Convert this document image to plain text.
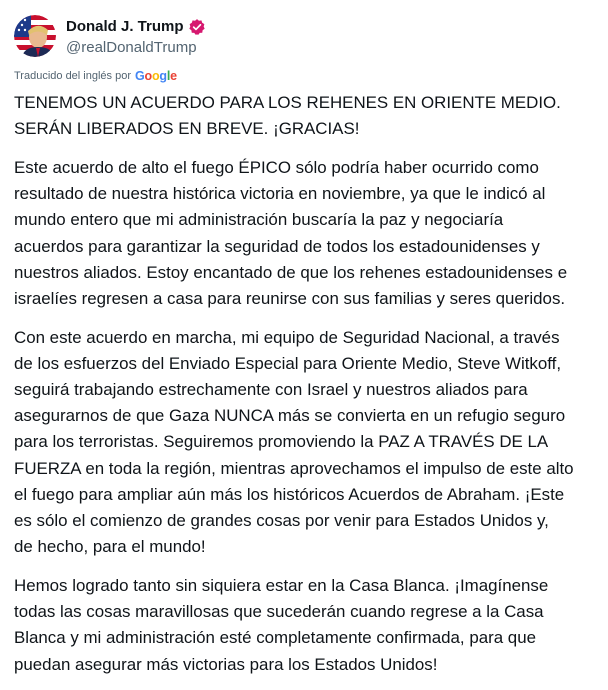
Donald J. Trump
@realDonaldTrump
Traducido del inglés por Google

TENEMOS UN ACUERDO PARA LOS REHENES EN ORIENTE MEDIO.
SERÁN LIBERADOS EN BREVE. ¡GRACIAS!

Este acuerdo de alto el fuego ÉPICO sólo podría haber ocurrido como
resultado de nuestra histórica victoria en noviembre, ya que le indicó al
mundo entero que mi administración buscaría la paz y negociaría
acuerdos para garantizar la seguridad de todos los estadounidenses y
nuestros aliados. Estoy encantado de que los rehenes estadounidenses e
israelíes regresen a casa para reunirse con sus familias y seres queridos.

Con este acuerdo en marcha, mi equipo de Seguridad Nacional, a través
de los esfuerzos del Enviado Especial para Oriente Medio, Steve Witkoff,
seguirá trabajando estrechamente con Israel y nuestros aliados para
asegurarnos de que Gaza NUNCA más se convierta en un refugio seguro
para los terroristas. Seguiremos promoviendo la PAZ A TRAVÉS DE LA
FUERZA en toda la región, mientras aprovechamos el impulso de este alto
el fuego para ampliar aún más los históricos Acuerdos de Abraham. ¡Este
es sólo el comienzo de grandes cosas por venir para Estados Unidos y,
de hecho, para el mundo!

Hemos logrado tanto sin siquiera estar en la Casa Blanca. ¡Imagínense
todas las cosas maravillosas que sucederán cuando regrese a la Casa
Blanca y mi administración esté completamente confirmada, para que
puedan asegurar más victorias para los Estados Unidos!
